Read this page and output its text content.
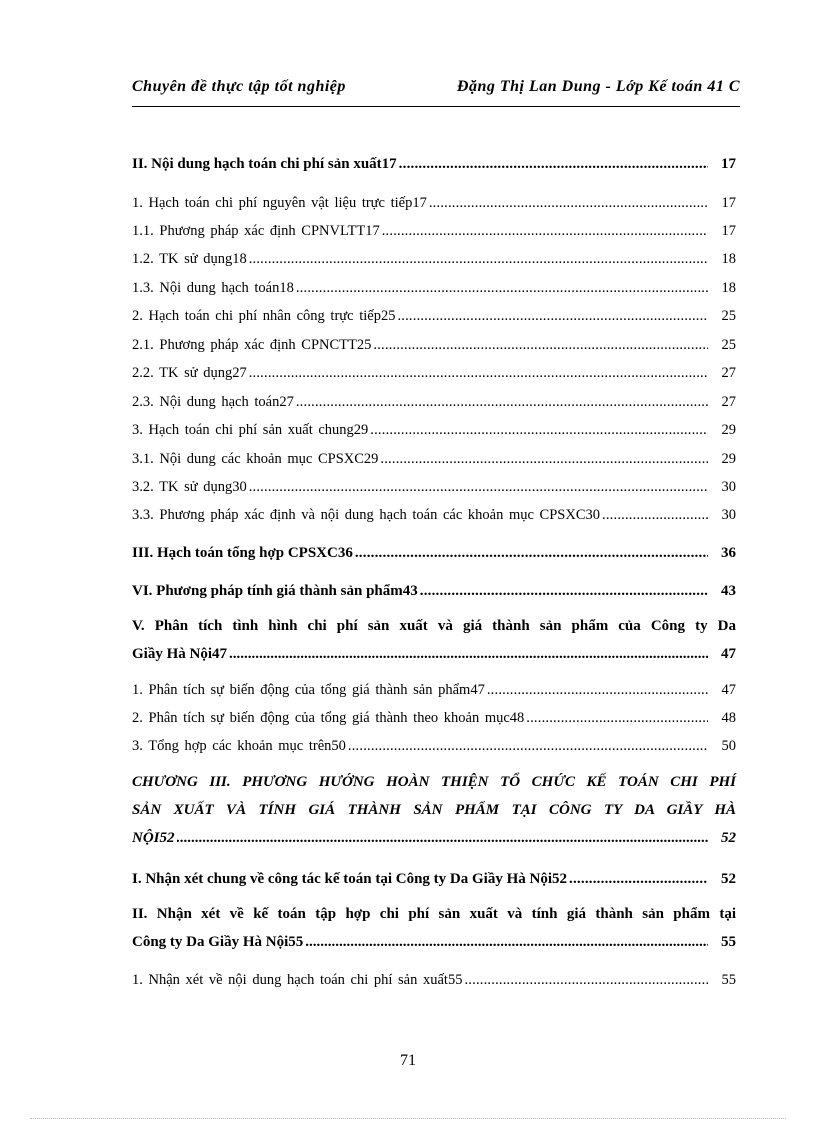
Chuyên đề thực tập tốt nghiệp	Đặng Thị Lan Dung - Lớp Kế toán 41 C
II. Nội dung hạch toán chi phí sản xuất17 .....	17
1. Hạch toán chi phí nguyên vật liệu trực tiếp17 .....	17
1.1. Phương pháp xác định CPNVLTT17 .....	17
1.2. TK sử dụng18 .....	18
1.3. Nội dung hạch toán18 .....	18
2. Hạch toán chi phí nhân công trực tiếp25 .....	25
2.1. Phương pháp xác định CPNCTT25 .....	25
2.2. TK sử dụng27 .....	27
2.3. Nội dung hạch toán27 .....	27
3. Hạch toán chi phí sản xuất chung29 .....	29
3.1. Nội dung các khoản mục CPSXC29 .....	29
3.2. TK sử dụng30 .....	30
3.3. Phương pháp xác định và nội dung hạch toán các khoản mục CPSXC30 .....	30
III. Hạch toán tổng hợp CPSXC36 .....	36
VI. Phương pháp tính giá thành sản phẩm43 .....	43
V. Phân tích tình hình chi phí sản xuất và giá thành sản phẩm của Công ty Da
Giầy Hà Nội47 .....	47
1. Phân tích sự biến động của tổng giá thành sản phẩm47 .....	47
2. Phân tích sự biến động của tổng giá thành theo khoản mục48 .....	48
3. Tổng hợp các khoản mục trên50 .....	50
CHƯƠNG III. PHƯƠNG HƯỚNG HOÀN THIỆN TỔ CHỨC KẾ TOÁN CHI PHÍ
SẢN XUẤT VÀ TÍNH GIÁ THÀNH SẢN PHẨM TẠI CÔNG TY DA GIẦY HÀ
NỘI52 .....	52
I. Nhận xét chung về công tác kế toán tại Công ty Da Giầy Hà Nội52 .....	52
II. Nhận xét về kế toán tập hợp chi phí sản xuất và tính giá thành sản phẩm tại
Công ty Da Giầy Hà Nội55 .....	55
1. Nhận xét về nội dung hạch toán chi phí sản xuất55 .....	55
71
